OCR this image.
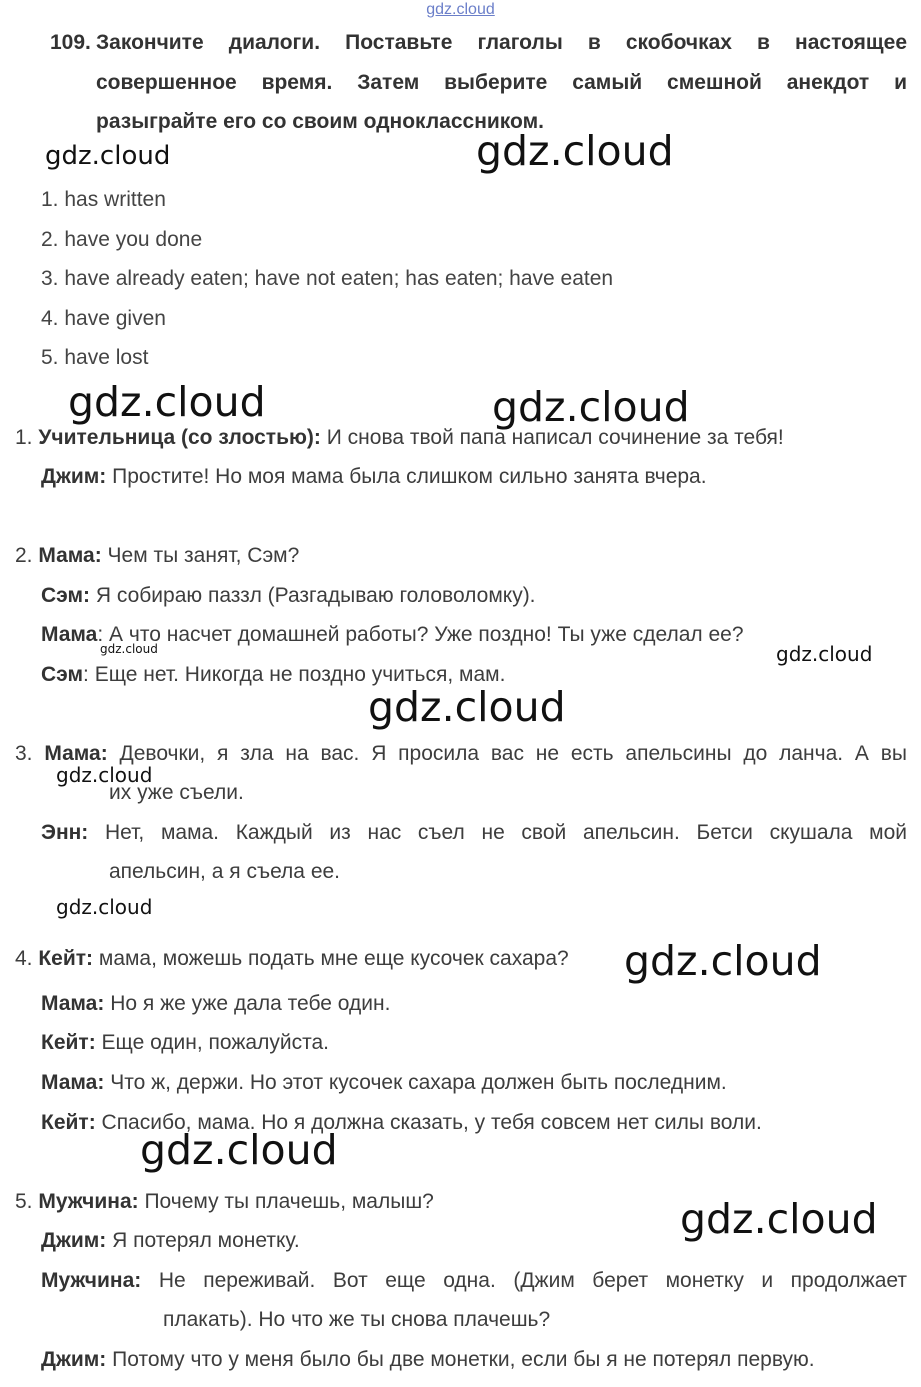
gdz.cloud
109. Закончите диалоги. Поставьте глаголы в скобочках в настоящее
совершенное время. Затем выберите самый смешной анекдот и
разыграйте его со своим одноклассником.
1. has written
2. have you done
3. have already eaten; have not eaten; has eaten; have eaten
4. have given
5. have lost
1. Учительница (со злостью): И снова твой папа написал сочинение за тебя!
Джим: Простите! Но моя мама была слишком сильно занята вчера.
2. Мама: Чем ты занят, Сэм?
Сэм: Я собираю паззл (Разгадываю головоломку).
Мама: А что насчет домашней работы? Уже поздно! Ты уже сделал ее?
Сэм: Еще нет. Никогда не поздно учиться, мам.
3. Мама: Девочки, я зла на вас. Я просила вас не есть апельсины до ланча. А вы
их уже съели.
Энн: Нет, мама. Каждый из нас съел не свой апельсин. Бетси скушала мой
апельсин, а я съела ее.
4. Кейт: мама, можешь подать мне еще кусочек сахара?
Мама: Но я же уже дала тебе один.
Кейт: Еще один, пожалуйста.
Мама: Что ж, держи. Но этот кусочек сахара должен быть последним.
Кейт: Спасибо, мама. Но я должна сказать, у тебя совсем нет силы воли.
5. Мужчина: Почему ты плачешь, малыш?
Джим: Я потерял монетку.
Мужчина: Не переживай. Вот еще одна. (Джим берет монетку и продолжает
плакать). Но что же ты снова плачешь?
Джим: Потому что у меня было бы две монетки, если бы я не потерял первую.
gdz.cloud	gdz.cloud
gdz.cloud	gdz.cloud
gdz.cloud	gdz.cloud
gdz.cloud
gdz.cloud
gdz.cloud
gdz.cloud
gdz.cloud
gdz.cloud
